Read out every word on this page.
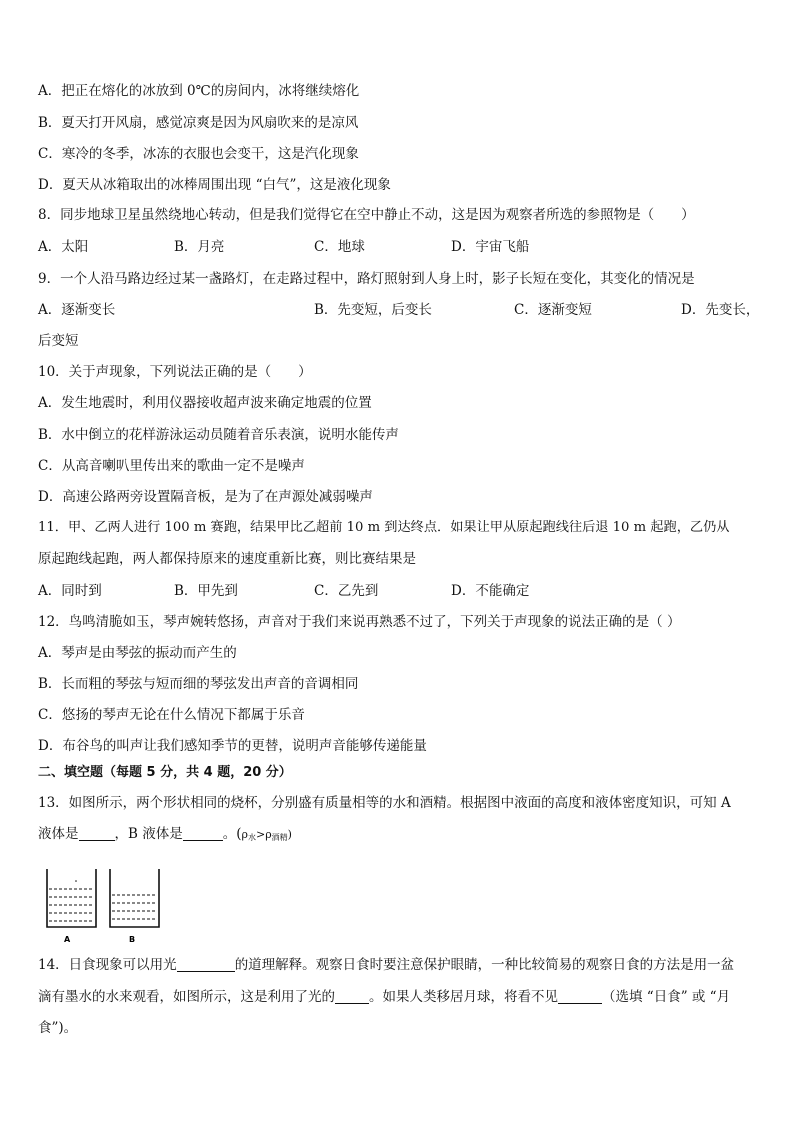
A．把正在熔化的冰放到 0℃的房间内，冰将继续熔化
B．夏天打开风扇，感觉凉爽是因为风扇吹来的是凉风
C．寒冷的冬季，冰冻的衣服也会变干，这是汽化现象
D．夏天从冰箱取出的冰棒周围出现 “白气”，这是液化现象
8．同步地球卫星虽然绕地心转动，但是我们觉得它在空中静止不动，这是因为观察者所选的参照物是（　　）
A．太阳	B．月亮	C．地球	D．宇宙飞船
9．一个人沿马路边经过某一盏路灯，在走路过程中，路灯照射到人身上时，影子长短在变化，其变化的情况是
A．逐渐变长	B．先变短，后变长	C．逐渐变短	D．先变长，
后变短
10．关于声现象，下列说法正确的是（　　）
A．发生地震时，利用仪器接收超声波来确定地震的位置
B．水中倒立的花样游泳运动员随着音乐表演，说明水能传声
C．从高音喇叭里传出来的歌曲一定不是噪声
D．高速公路两旁设置隔音板，是为了在声源处减弱噪声
11．甲、乙两人进行 100 m 赛跑，结果甲比乙超前 10 m 到达终点．如果让甲从原起跑线往后退 10 m 起跑，乙仍从
原起跑线起跑，两人都保持原来的速度重新比赛，则比赛结果是
A．同时到	B．甲先到	C．乙先到	D．不能确定
12．鸟鸣清脆如玉，琴声婉转悠扬，声音对于我们来说再熟悉不过了，下列关于声现象的说法正确的是（ ）
A．琴声是由琴弦的振动而产生的
B．长而粗的琴弦与短而细的琴弦发出声音的音调相同
C．悠扬的琴声无论在什么情况下都属于乐音
D．布谷鸟的叫声让我们感知季节的更替，说明声音能够传递能量
二、填空题（每题 5 分，共 4 题，20 分）
13．如图所示，两个形状相同的烧杯，分别盛有质量相等的水和酒精。根据图中液面的高度和液体密度知识，可知 A
液体是	，B 液体是	。$(\rho_水>\rho_{酒精})$
A	B
14．日食现象可以用光	的道理解释。观察日食时要注意保护眼睛，一种比较简易的观察日食的方法是用一盆
滴有墨水的水来观看，如图所示，这是利用了光的	。如果人类移居月球，将看不见	（选填 “日食” 或 “月
食”)。
